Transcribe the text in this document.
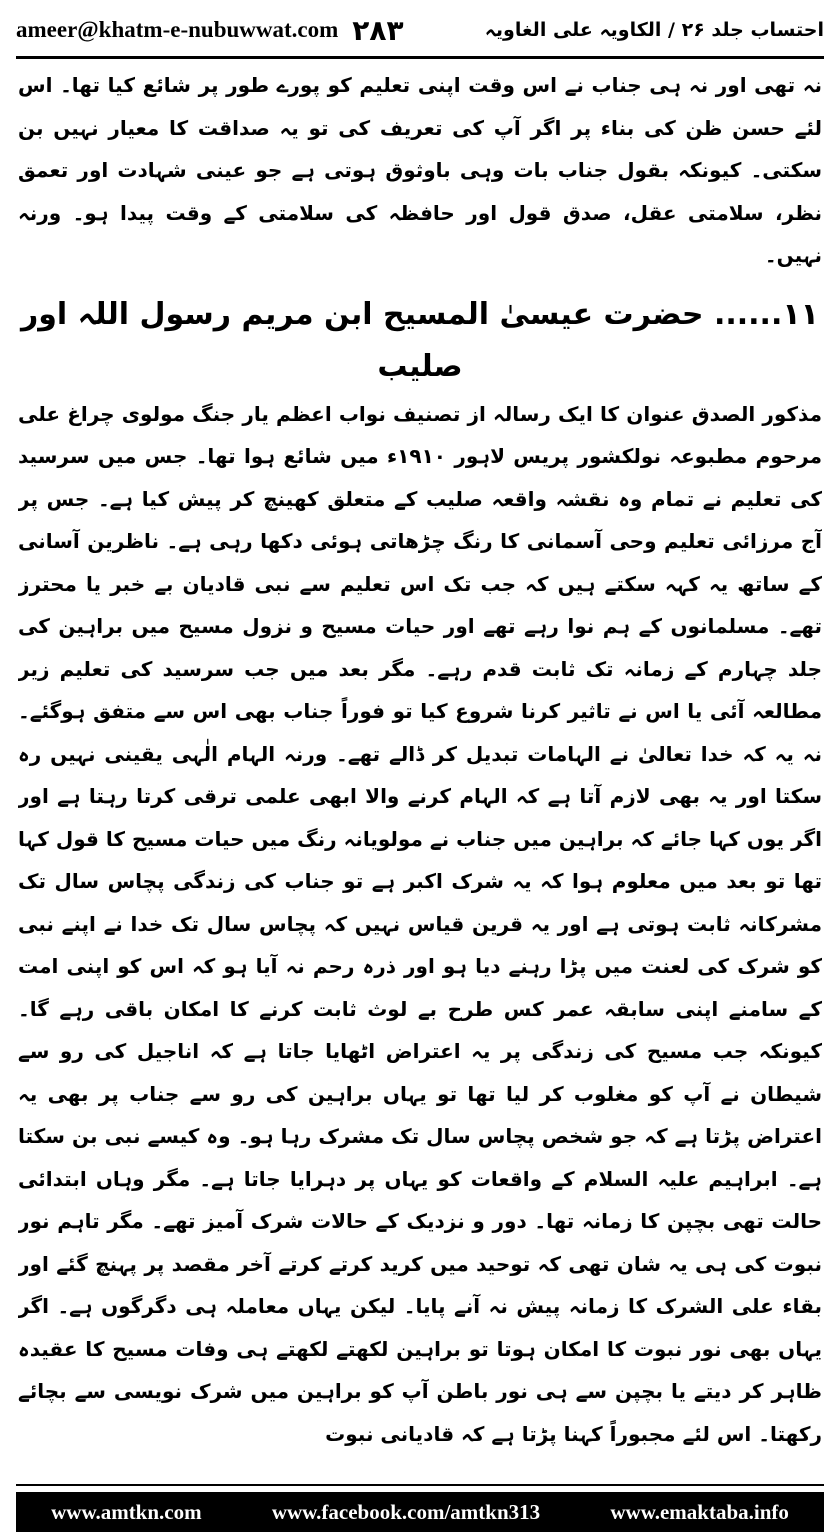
ameer@khatm-e-nubuwwat.com ۲۸۳	احتساب جلد ۲۶ / الکاویہ علی الغاویہ

نہ تھی اور نہ ہی جناب نے اس وقت اپنی تعلیم کو پورے طور پر شائع کیا تھا۔ اس لئے حسن ظن کی بناء پر اگر آپ کی تعریف کی تو یہ صداقت کا معیار نہیں بن سکتی۔ کیونکہ بقول جناب بات وہی باوثوق ہوتی ہے جو عینی شہادت اور تعمق نظر، سلامتی عقل، صدق قول اور حافظہ کی سلامتی کے وقت پیدا ہو۔ ورنہ نہیں۔

۱۱...... حضرت عیسیٰ المسیح ابن مریم رسول اللہ اور صلیب

مذکور الصدق عنوان کا ایک رسالہ از تصنیف نواب اعظم یار جنگ مولوی چراغ علی مرحوم مطبوعہ نولکشور پریس لاہور ۱۹۱۰ء میں شائع ہوا تھا۔ جس میں سرسید کی تعلیم نے تمام وہ نقشہ واقعہ صلیب کے متعلق کھینچ کر پیش کیا ہے۔ جس پر آج مرزائی تعلیم وحی آسمانی کا رنگ چڑھاتی ہوئی دکھا رہی ہے۔ ناظرین آسانی کے ساتھ یہ کہہ سکتے ہیں کہ جب تک اس تعلیم سے نبی قادیان بے خبر یا محترز تھے۔ مسلمانوں کے ہم نوا رہے تھے اور حیات مسیح و نزول مسیح میں براہین کی جلد چہارم کے زمانہ تک ثابت قدم رہے۔ مگر بعد میں جب سرسید کی تعلیم زیر مطالعہ آئی یا اس نے تاثیر کرنا شروع کیا تو فوراً جناب بھی اس سے متفق ہوگئے۔ نہ یہ کہ خدا تعالیٰ نے الہامات تبدیل کر ڈالے تھے۔ ورنہ الہام الٰہی یقینی نہیں رہ سکتا اور یہ بھی لازم آتا ہے کہ الہام کرنے والا ابھی علمی ترقی کرتا رہتا ہے اور اگر یوں کہا جائے کہ براہین میں جناب نے مولویانہ رنگ میں حیات مسیح کا قول کہا تھا تو بعد میں معلوم ہوا کہ یہ شرک اکبر ہے تو جناب کی زندگی پچاس سال تک مشرکانہ ثابت ہوتی ہے اور یہ قرین قیاس نہیں کہ پچاس سال تک خدا نے اپنے نبی کو شرک کی لعنت میں پڑا رہنے دیا ہو اور ذرہ رحم نہ آیا ہو کہ اس کو اپنی امت کے سامنے اپنی سابقہ عمر کس طرح بے لوث ثابت کرنے کا امکان باقی رہے گا۔ کیونکہ جب مسیح کی زندگی پر یہ اعتراض اٹھایا جاتا ہے کہ اناجیل کی رو سے شیطان نے آپ کو مغلوب کر لیا تھا تو یہاں براہین کی رو سے جناب پر بھی یہ اعتراض پڑتا ہے کہ جو شخص پچاس سال تک مشرک رہا ہو۔ وہ کیسے نبی بن سکتا ہے۔ ابراہیم علیہ السلام کے واقعات کو یہاں پر دہرایا جاتا ہے۔ مگر وہاں ابتدائی حالت تھی بچپن کا زمانہ تھا۔ دور و نزدیک کے حالات شرک آمیز تھے۔ مگر تاہم نور نبوت کی ہی یہ شان تھی کہ توحید میں کرید کرتے کرتے آخر مقصد پر پہنچ گئے اور بقاء علی الشرک کا زمانہ پیش نہ آنے پایا۔ لیکن یہاں معاملہ ہی دگرگوں ہے۔ اگر یہاں بھی نور نبوت کا امکان ہوتا تو براہین لکھتے لکھتے ہی وفات مسیح کا عقیدہ ظاہر کر دیتے یا بچپن سے ہی نور باطن آپ کو براہین میں شرک نویسی سے بچائے رکھتا۔ اس لئے مجبوراً کہنا پڑتا ہے کہ قادیانی نبوت

www.amtkn.com	www.facebook.com/amtkn313	www.emaktaba.info
